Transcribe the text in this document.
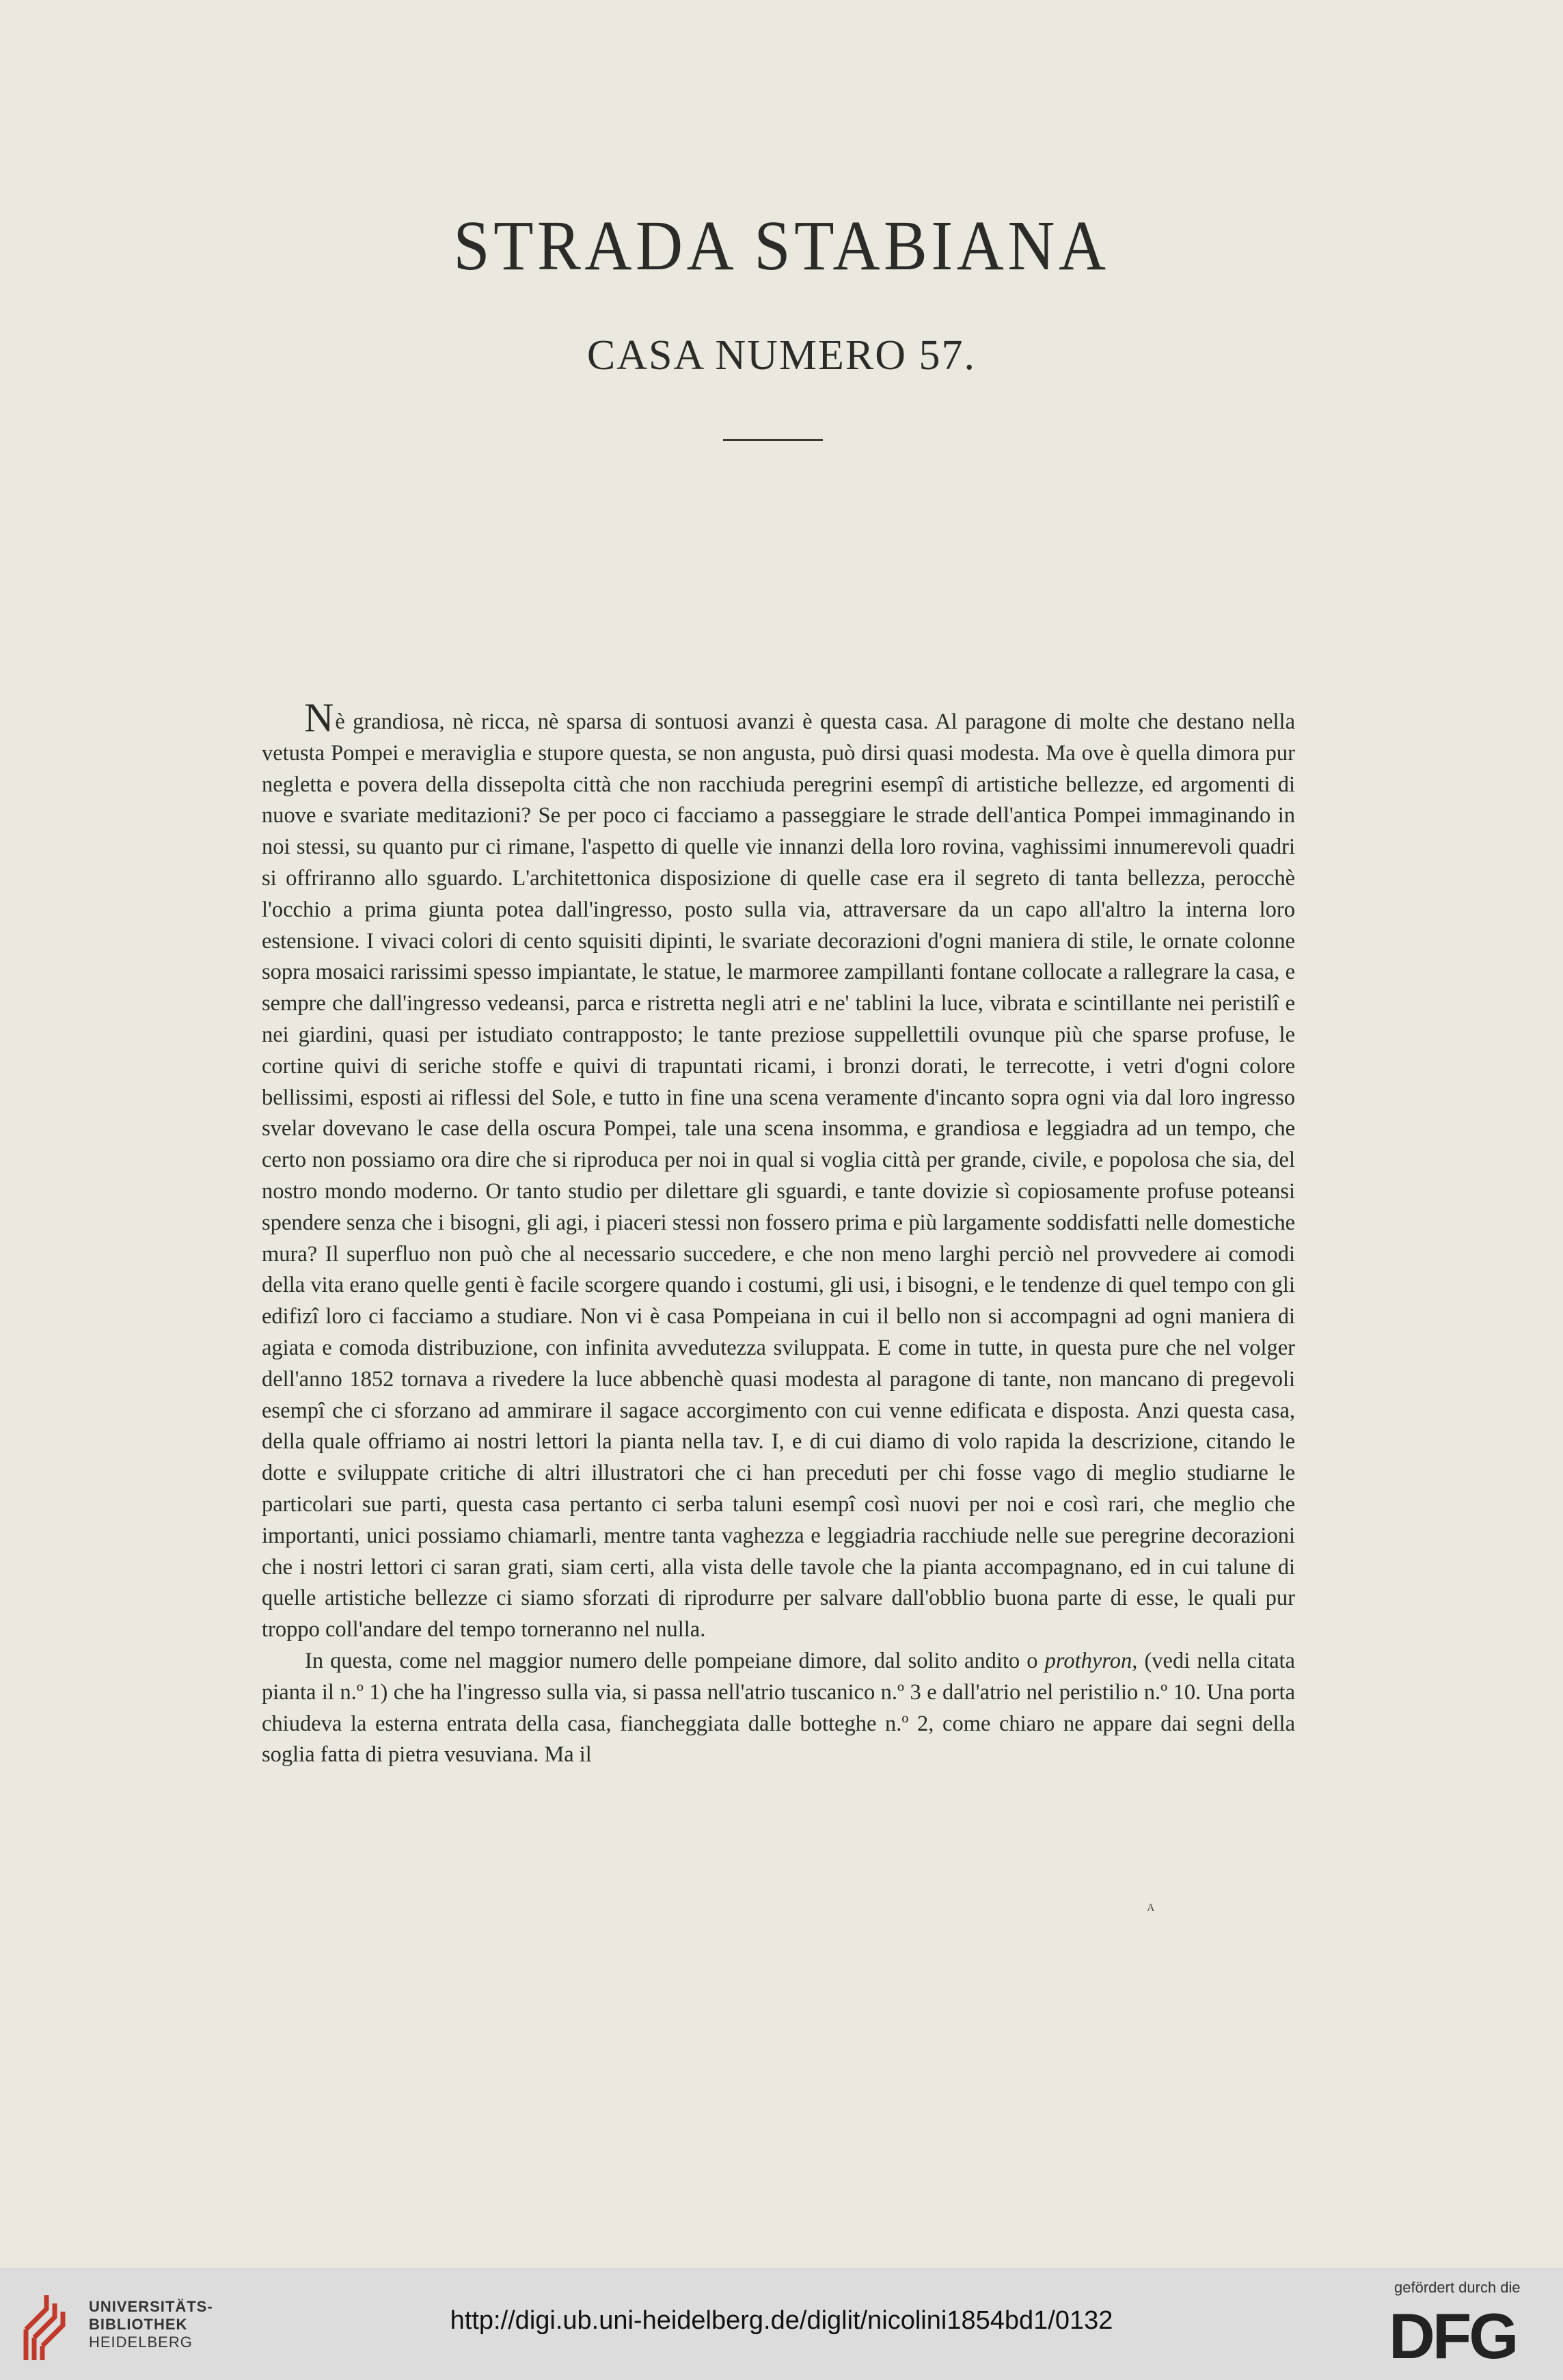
STRADA STABIANA
CASA NUMERO 57.

Nè grandiosa, nè ricca, nè sparsa di sontuosi avanzi è questa casa. Al paragone di molte che destano nella vetusta Pompei e meraviglia e stupore questa, se non angusta, può dirsi quasi modesta. Ma ove è quella dimora pur negletta e povera della dissepolta città che non racchiuda peregrini esempî di artistiche bellezze, ed argomenti di nuove e svariate meditazioni? Se per poco ci facciamo a passeggiare le strade dell'antica Pompei immaginando in noi stessi, su quanto pur ci rimane, l'aspetto di quelle vie innanzi della loro rovina, vaghissimi innumerevoli quadri si offriranno allo sguardo. L'architettonica disposizione di quelle case era il segreto di tanta bellezza, perocchè l'occhio a prima giunta potea dall'ingresso, posto sulla via, attraversare da un capo all'altro la interna loro estensione. I vivaci colori di cento squisiti dipinti, le svariate decorazioni d'ogni maniera di stile, le ornate colonne sopra mosaici rarissimi spesso impiantate, le statue, le marmoree zampillanti fontane collocate a rallegrare la casa, e sempre che dall'ingresso vedeansi, parca e ristretta negli atri e ne' tablini la luce, vibrata e scintillante nei peristilî e nei giardini, quasi per istudiato contrapposto; le tante preziose suppellettili ovunque più che sparse profuse, le cortine quivi di seriche stoffe e quivi di trapuntati ricami, i bronzi dorati, le terrecotte, i vetri d'ogni colore bellissimi, esposti ai riflessi del Sole, e tutto in fine una scena veramente d'incanto sopra ogni via dal loro ingresso svelar dovevano le case della oscura Pompei, tale una scena insomma, e grandiosa e leggiadra ad un tempo, che certo non possiamo ora dire che si riproduca per noi in qual si voglia città per grande, civile, e popolosa che sia, del nostro mondo moderno. Or tanto studio per dilettare gli sguardi, e tante dovizie sì copiosamente profuse poteansi spendere senza che i bisogni, gli agi, i piaceri stessi non fossero prima e più largamente soddisfatti nelle domestiche mura? Il superfluo non può che al necessario succedere, e che non meno larghi perciò nel provvedere ai comodi della vita erano quelle genti è facile scorgere quando i costumi, gli usi, i bisogni, e le tendenze di quel tempo con gli edifizî loro ci facciamo a studiare. Non vi è casa Pompeiana in cui il bello non si accompagni ad ogni maniera di agiata e comoda distribuzione, con infinita avvedutezza sviluppata. E come in tutte, in questa pure che nel volger dell'anno 1852 tornava a rivedere la luce abbenchè quasi modesta al paragone di tante, non mancano di pregevoli esempî che ci sforzano ad ammirare il sagace accorgimento con cui venne edificata e disposta. Anzi questa casa, della quale offriamo ai nostri lettori la pianta nella tav. I, e di cui diamo di volo rapida la descrizione, citando le dotte e sviluppate critiche di altri illustratori che ci han preceduti per chi fosse vago di meglio studiarne le particolari sue parti, questa casa pertanto ci serba taluni esempî così nuovi per noi e così rari, che meglio che importanti, unici possiamo chiamarli, mentre tanta vaghezza e leggiadria racchiude nelle sue peregrine decorazioni che i nostri lettori ci saran grati, siam certi, alla vista delle tavole che la pianta accompagnano, ed in cui talune di quelle artistiche bellezze ci siamo sforzati di riprodurre per salvare dall'obblio buona parte di esse, le quali pur troppo coll'andare del tempo torneranno nel nulla.

In questa, come nel maggior numero delle pompeiane dimore, dal solito andito o prothyron, (vedi nella citata pianta il n.º 1) che ha l'ingresso sulla via, si passa nell'atrio tuscanico n.º 3 e dall'atrio nel peristilio n.º 10. Una porta chiudeva la esterna entrata della casa, fiancheggiata dalle botteghe n.º 2, come chiaro ne appare dai segni della soglia fatta di pietra vesuviana. Ma il

A
UNIVERSITÄTS-
BIBLIOTHEK
HEIDELBERG
http://digi.ub.uni-heidelberg.de/diglit/nicolini1854bd1/0132
gefördert durch die
DFG
